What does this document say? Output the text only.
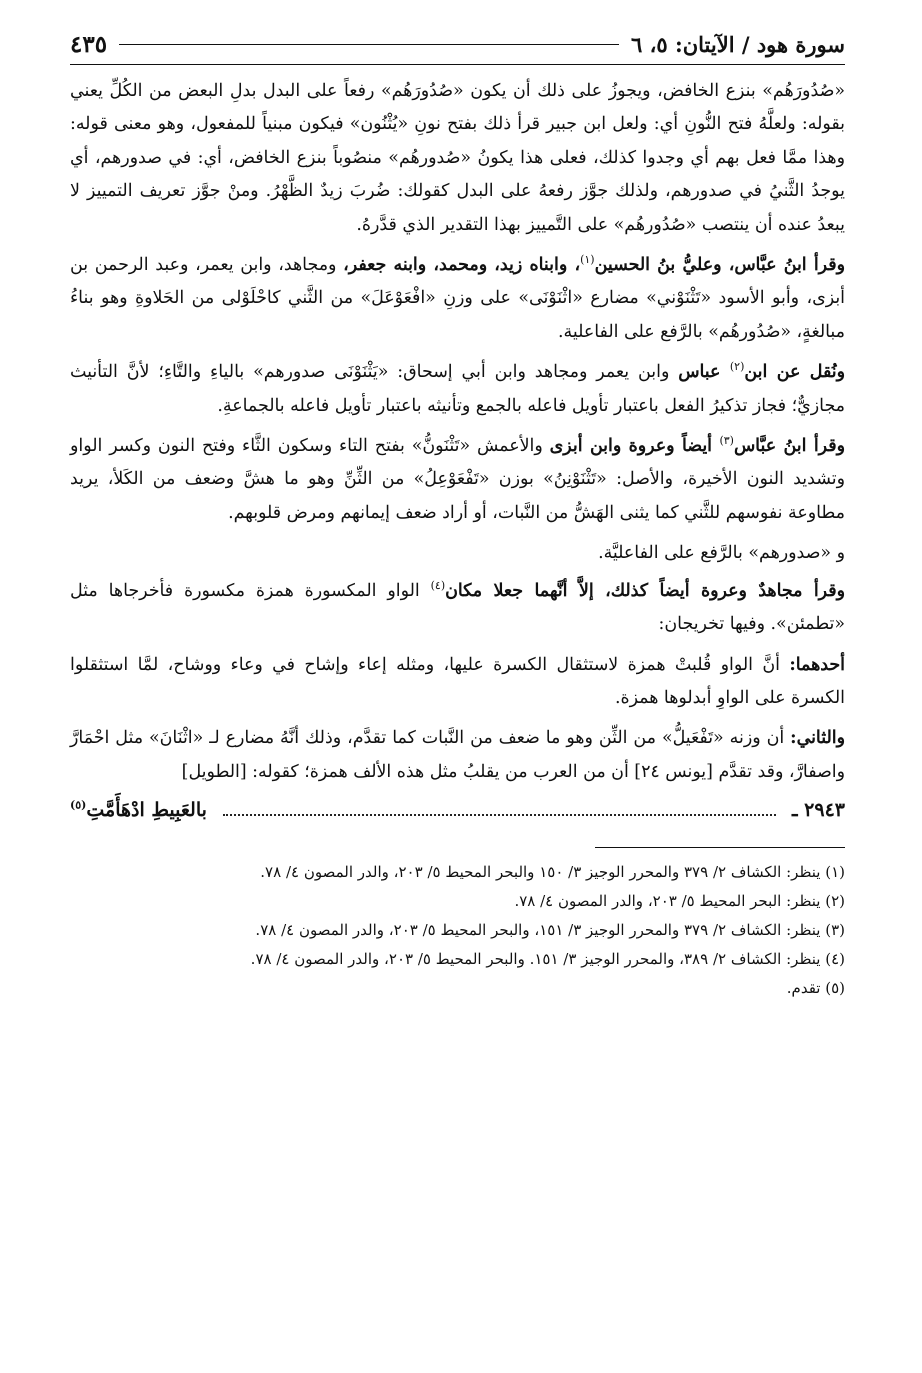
سورة هود / الآيتان: ٥، ٦
٤٣٥

«صُدُورَهُم» بنزع الخافض، ويجوزُ على ذلك أن يكون «صُدُورَهُم» رفعاً على البدل بدلِ البعض من الكُلِّ يعني بقوله: ولعلَّهُ فتح النُّونِ أي: ولعل ابن جبير قرأ ذلك بفتح نونِ «يُثْنُون» فيكون مبنياً للمفعول، وهو معنى قوله: وهذا ممَّا فعل بهم أي وجدوا كذلك، فعلى هذا يكونُ «صُدورهُم» منصُوباً بنزع الخافض، أي: في صدورهم، أي يوجدُ الثَّنيُ في صدورهم، ولذلك جوَّز رفعهُ على البدل كقولك: ضُربَ زيدٌ الظَّهْرُ. ومنْ جوَّز تعريف التمييز لا يبعدُ عنده أن ينتصب «صُدُورهُم» على التَّمييز بهذا التقدير الذي قدَّرهُ.

وقرأ ابنُ عبَّاس، وعليُّ بنُ الحسين$^{(١)}$، وابناه زيد، ومحمد، وابنه جعفر، ومجاهد، وابن يعمر، وعبد الرحمن بن أبزى، وأبو الأسود «تَثْنَوْني» مضارع «اثْنَوْنَى» على وزنِ «افْعَوْعَلَ» من الثَّني كاحْلَوْلى من الحَلاوةِ وهو بناءُ مبالغةٍ، «صُدُورهُم» بالرَّفع على الفاعلية.

ونُقل عن ابن$^{(٢)}$ عباس وابن يعمر ومجاهد وابن أبي إسحاق: «يَثْنَوْنَى صدورهم» بالياءِ والتَّاءِ؛ لأنَّ التأنيث مجازيٌّ؛ فجاز تذكيرُ الفعل باعتبار تأويل فاعله بالجمع وتأنيثه باعتبار تأويل فاعله بالجماعةِ.

وقرأ ابنُ عبَّاس$^{(٣)}$ أيضاً وعروة وابن أبزى والأعمش «تَثْنَونُّ» بفتح التاء وسكون الثَّاء وفتح النون وكسر الواو وتشديد النون الأخيرة، والأصل: «تَثْنَوْنِنُ» بوزن «تَفْعَوْعِلُ» من الثِّنِّ وهو ما هشَّ وضعف من الكَلأ، يريد مطاوعة نفوسهم للثَّني كما يثنى الهَشُّ من النَّبات، أو أراد ضعف إيمانهم ومرض قلوبهم.

و «صدورهم» بالرَّفع على الفاعليَّة.

وقرأ مجاهدٌ وعروة أيضاً كذلك، إلاَّ أنَّهما جعلا مكان$^{(٤)}$ الواو المكسورة همزة مكسورة فأخرجاها مثل «تطمئن». وفيها تخريجان:

أحدهما: أنَّ الواو قُلبتْ همزة لاستثقال الكسرة عليها، ومثله إعاء وإشاح في وعاء ووشاح، لمَّا استثقلوا الكسرة على الواوِ أبدلوها همزة.

والثاني: أن وزنه «تَفْعَيلُّ» من الثِّن وهو ما ضعف من النَّبات كما تقدَّم، وذلك أنَّهُ مضارع لـ «اثْنَانَ» مثل احْمَارَّ واصفارَّ، وقد تقدَّم [يونس ٢٤] أن من العرب من يقلبُ مثل هذه الألف همزة؛ كقوله: [الطويل]

٢٩٤٣ ـ
بالعَبِيطِ ادْهَأَمَّتِ$^{(٥)}$
(١) ينظر: الكشاف ٢/ ٣٧٩ والمحرر الوجيز ٣/ ١٥٠ والبحر المحيط ٥/ ٢٠٣، والدر المصون ٤/ ٧٨.
(٢) ينظر: البحر المحيط ٥/ ٢٠٣، والدر المصون ٤/ ٧٨.
(٣) ينظر: الكشاف ٢/ ٣٧٩ والمحرر الوجيز ٣/ ١٥١، والبحر المحيط ٥/ ٢٠٣، والدر المصون ٤/ ٧٨.
(٤) ينظر: الكشاف ٢/ ٣٨٩، والمحرر الوجيز ٣/ ١٥١. والبحر المحيط ٥/ ٢٠٣، والدر المصون ٤/ ٧٨.
(٥) تقدم.
